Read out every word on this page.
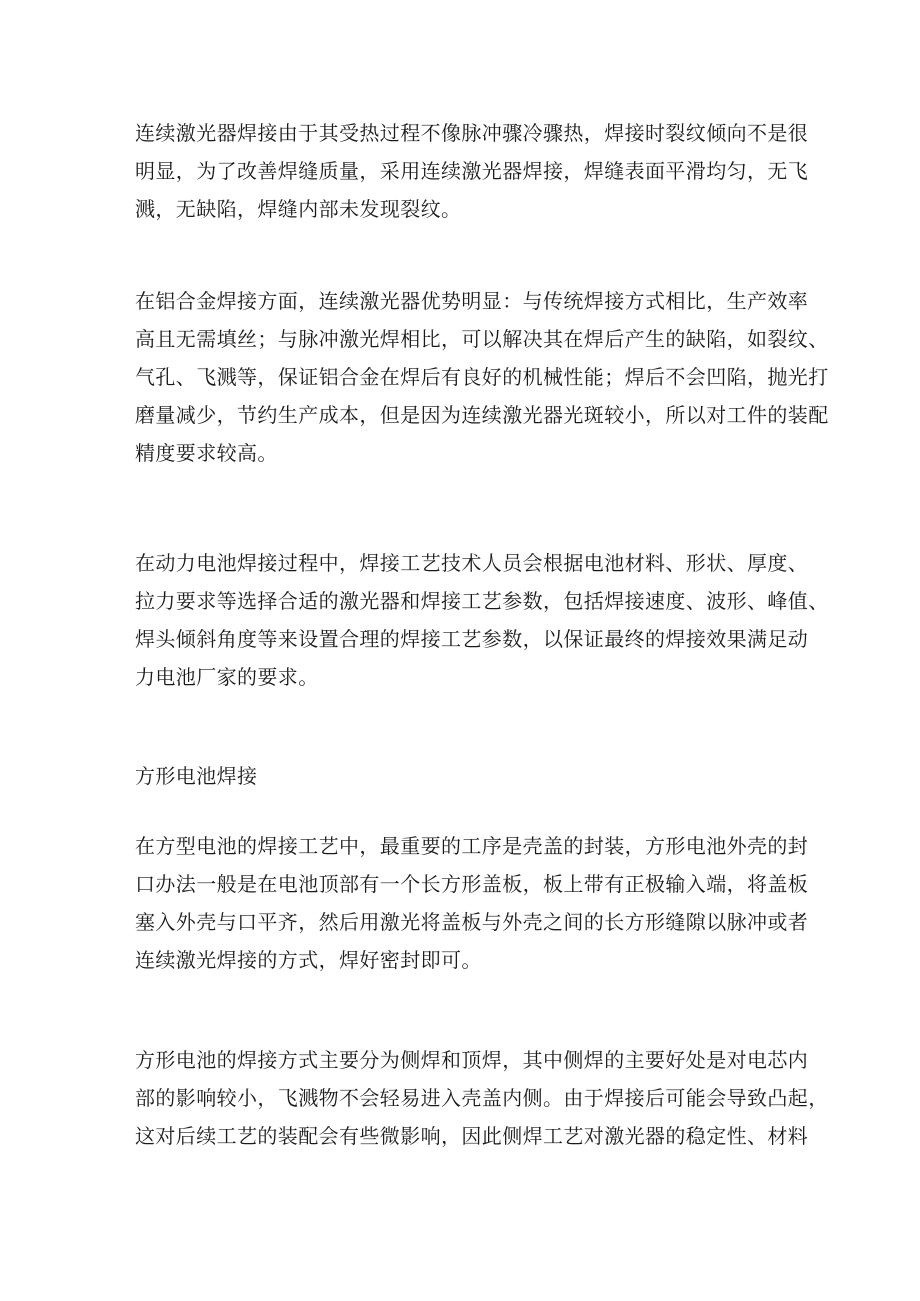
连续激光器焊接由于其受热过程不像脉冲骤冷骤热，焊接时裂纹倾向不是很
明显，为了改善焊缝质量，采用连续激光器焊接，焊缝表面平滑均匀，无飞
溅，无缺陷，焊缝内部未发现裂纹。
在铝合金焊接方面，连续激光器优势明显：与传统焊接方式相比，生产效率
高且无需填丝；与脉冲激光焊相比，可以解决其在焊后产生的缺陷，如裂纹、
气孔、飞溅等，保证铝合金在焊后有良好的机械性能；焊后不会凹陷，抛光打
磨量减少，节约生产成本，但是因为连续激光器光斑较小，所以对工件的装配
精度要求较高。
在动力电池焊接过程中，焊接工艺技术人员会根据电池材料、形状、厚度、
拉力要求等选择合适的激光器和焊接工艺参数，包括焊接速度、波形、峰值、
焊头倾斜角度等来设置合理的焊接工艺参数，以保证最终的焊接效果满足动
力电池厂家的要求。
方形电池焊接
在方型电池的焊接工艺中，最重要的工序是壳盖的封装，方形电池外壳的封
口办法一般是在电池顶部有一个长方形盖板，板上带有正极输入端，将盖板
塞入外壳与口平齐，然后用激光将盖板与外壳之间的长方形缝隙以脉冲或者
连续激光焊接的方式，焊好密封即可。
方形电池的焊接方式主要分为侧焊和顶焊，其中侧焊的主要好处是对电芯内
部的影响较小，飞溅物不会轻易进入壳盖内侧。由于焊接后可能会导致凸起，
这对后续工艺的装配会有些微影响，因此侧焊工艺对激光器的稳定性、材料
